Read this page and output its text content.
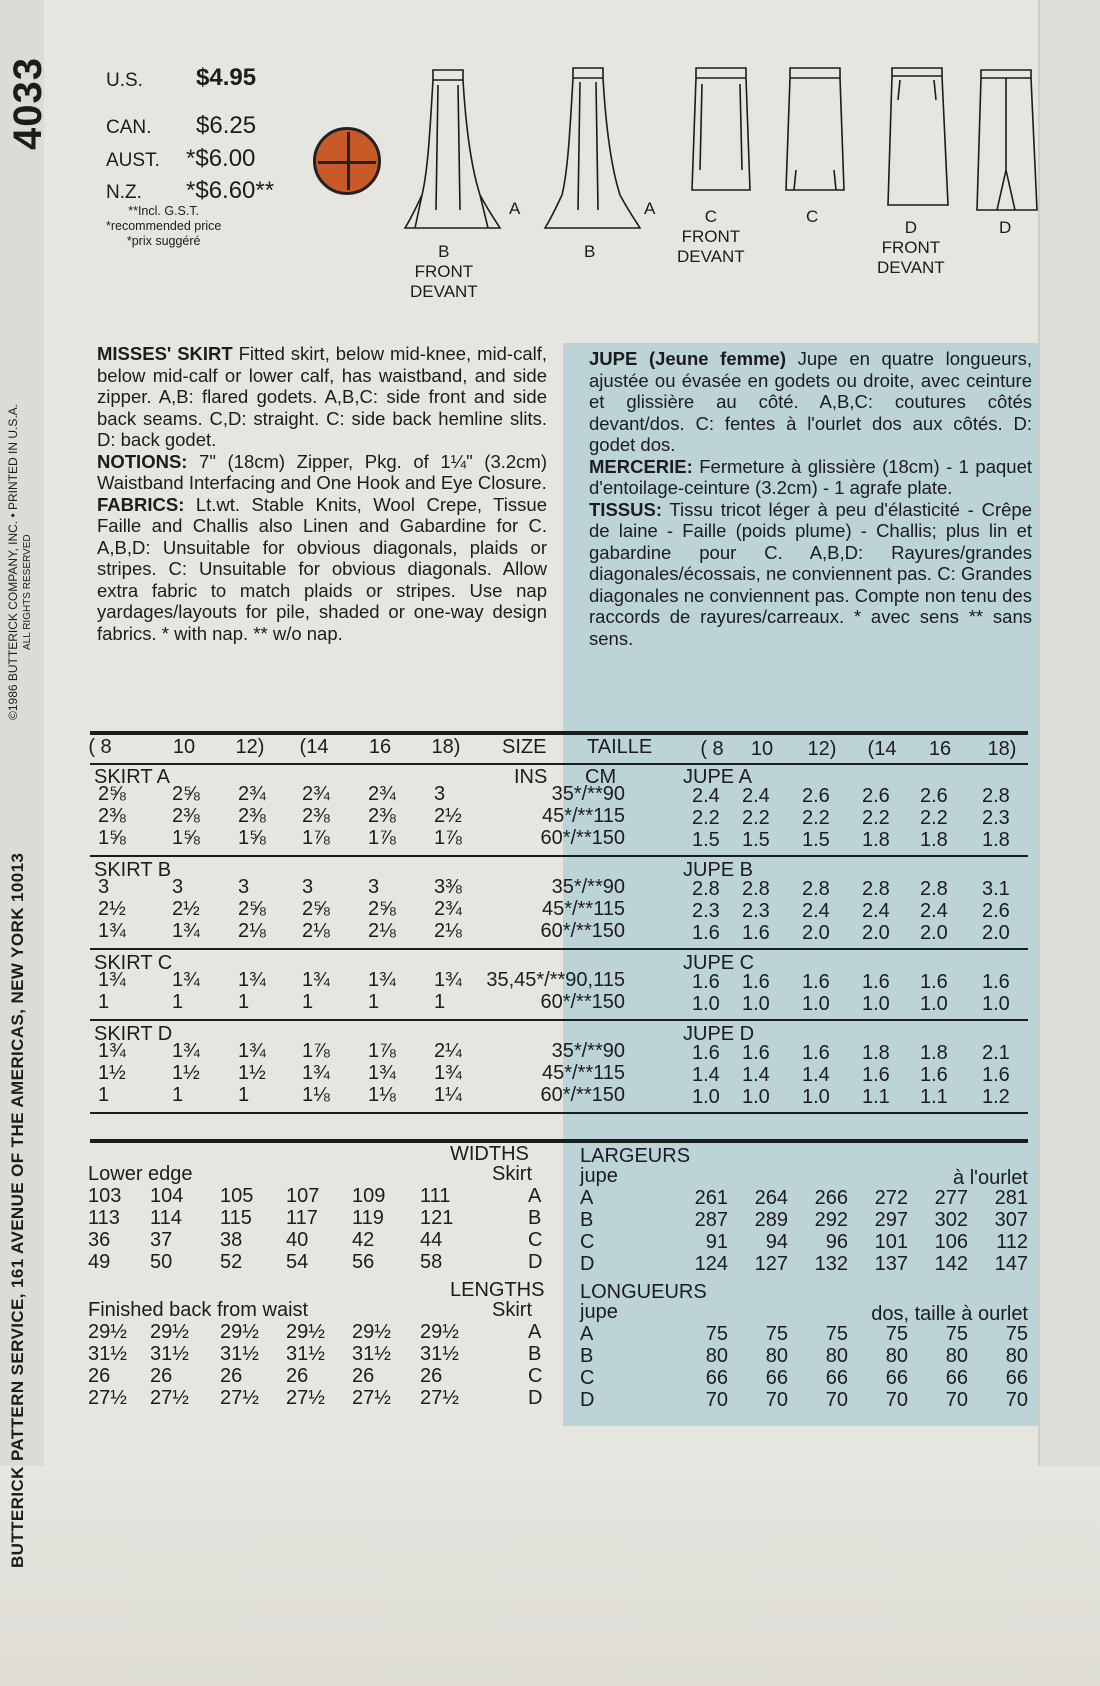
4033
BUTTERICK PATTERN SERVICE, 161 AVENUE OF THE AMERICAS, NEW YORK 10013
©1986 BUTTERICK COMPANY, INC. • PRINTED IN U.S.A. ALL RIGHTS RESERVED
U.S. $4.95
CAN. $6.25
AUST. *$6.00
N.Z. *$6.60**
**Incl. G.S.T.
*recommended price
*prix suggéré
B
FRONT
DEVANT
A
B
A	C
FRONT
DEVANT
C
D
FRONT
DEVANT
D
MISSES' SKIRT Fitted skirt, below mid-knee, mid-calf, below mid-calf or lower calf, has waistband, and side zipper. A,B: flared godets. A,B,C: side front and side back seams. C,D: straight. C: side back hemline slits. D: back godet.
NOTIONS: 7" (18cm) Zipper, Pkg. of 1¼" (3.2cm) Waistband Interfacing and One Hook and Eye Closure.
FABRICS: Lt.wt. Stable Knits, Wool Crepe, Tissue Faille and Challis also Linen and Gabardine for C. A,B,D: Unsuitable for obvious diagonals, plaids or stripes. C: Unsuitable for obvious diagonals. Allow extra fabric to match plaids or stripes. Use nap yardages/layouts for pile, shaded or one-way design fabrics. * with nap. ** w/o nap.
JUPE (Jeune femme) Jupe en quatre longueurs, ajustée ou évasée en godets ou droite, avec ceinture et glissière au côté. A,B,C: coutures côtés devant/dos. C: fentes à l'ourlet dos aux côtés. D: godet dos.
MERCERIE: Fermeture à glissière (18cm) - 1 paquet d'entoilage-ceinture (3.2cm) - 1 agrafe plate.
TISSUS: Tissu tricot léger à peu d'élasticité - Crêpe de laine - Faille (poids plume) - Challis; plus lin et gabardine pour C. A,B,D: Rayures/grandes diagonales/écossais, ne conviennent pas. C: Grandes diagonales ne conviennent pas. Compte non tenu des raccords de rayures/carreaux. * avec sens ** sans sens.
( 8	10	12)	(14	16	18)	SIZE TAILLE	( 8	10	12)	(14	16	18)
SKIRT A	JUPE A
INS CM
2⅝ 2⅝ 2¾ 2¾ 2¾ 3	35*/**90	2.4 2.4 2.6 2.6 2.6 2.8
2⅜ 2⅜ 2⅜ 2⅜ 2⅜ 2½	45*/**115	2.2 2.2 2.2 2.2 2.2 2.3
1⅝ 1⅝ 1⅝ 1⅞ 1⅞ 1⅞	60*/**150	1.5 1.5 1.5 1.8 1.8 1.8
SKIRT B	JUPE B
3	3	3	3	3	3⅜	35*/**90	2.8 2.8 2.8 2.8 2.8 3.1
2½ 2½ 2⅝ 2⅝ 2⅝ 2¾	45*/**115	2.3 2.3 2.4 2.4 2.4 2.6
1¾ 1¾ 2⅛ 2⅛ 2⅛ 2⅛	60*/**150	1.6 1.6 2.0 2.0 2.0 2.0
SKIRT C	JUPE C
1¾ 1¾ 1¾ 1¾ 1¾ 1¾ 35,45*/**90,115	1.6 1.6 1.6 1.6 1.6 1.6
1	1	1	1	1	1	60*/**150	1.0 1.0 1.0 1.0 1.0 1.0
SKIRT D	JUPE D
1¾ 1¾ 1¾ 1⅞ 1⅞ 2¼	35*/**90	1.6 1.6 1.6 1.8 1.8 2.1
1½ 1½ 1½ 1¾ 1¾ 1¾	45*/**115	1.4 1.4 1.4 1.6 1.6 1.6
1	1	1	1⅛ 1⅛ 1¼	60*/**150	1.0 1.0 1.0 1.1 1.1 1.2
WIDTHS	LARGEURS
Lower edge	Skirt jupe	à l'ourlet
103 104 105 107 109 111	A A	261 264 266 272 277 281
113 114 115 117 119 121	B B	287 289 292 297 302 307
36 37 38 40 42 44	C C	91 94 96 101 106 112
49 50 52 54 56 58	D D	124 127 132 137 142 147
LENGTHS LONGUEURS
Finished back from waist	Skirt jupe	dos, taille à ourlet
29½ 29½ 29½ 29½ 29½ 29½	A A	75 75 75 75 75 75
31½ 31½ 31½ 31½ 31½ 31½	B B	80 80 80 80 80 80
26 26 26 26 26 26	C C	66 66 66 66 66 66
27½ 27½ 27½ 27½ 27½ 27½	D D	70 70 70 70 70 70
